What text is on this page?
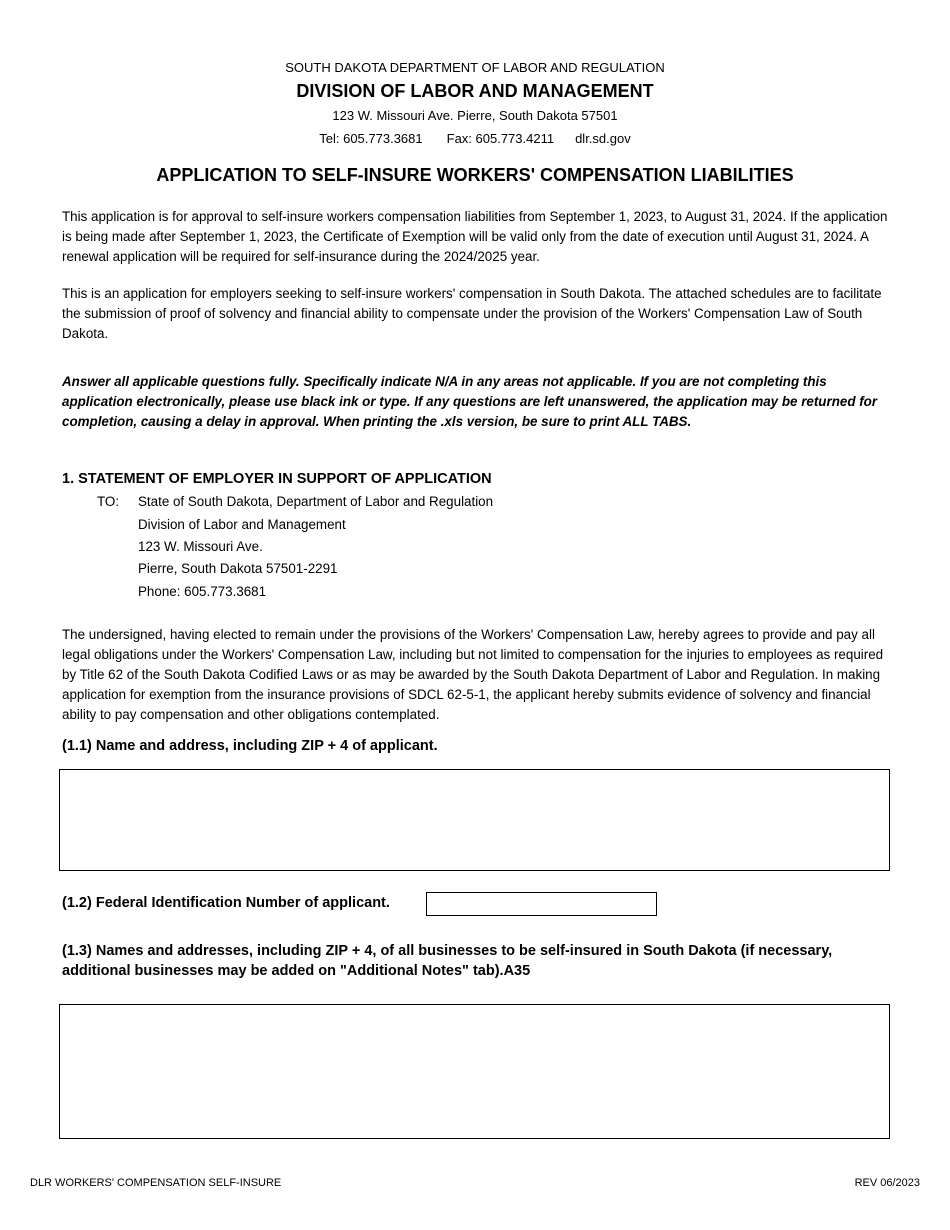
SOUTH DAKOTA DEPARTMENT OF LABOR AND REGULATION
DIVISION OF LABOR AND MANAGEMENT
123 W. Missouri Ave. Pierre, South Dakota 57501
Tel: 605.773.3681 Fax: 605.773.4211 dlr.sd.gov
APPLICATION TO SELF-INSURE WORKERS' COMPENSATION LIABILITIES
This application is for approval to self-insure workers compensation liabilities from September 1, 2023, to August 31, 2024. If the application is being made after September 1, 2023, the Certificate of Exemption will be valid only from the date of execution until August 31, 2024. A renewal application will be required for self-insurance during the 2024/2025 year.
This is an application for employers seeking to self-insure workers' compensation in South Dakota. The attached schedules are to facilitate the submission of proof of solvency and financial ability to compensate under the provision of the Workers' Compensation Law of South Dakota.
Answer all applicable questions fully. Specifically indicate N/A in any areas not applicable. If you are not completing this application electronically, please use black ink or type. If any questions are left unanswered, the application may be returned for completion, causing a delay in approval. When printing the .xls version, be sure to print ALL TABS.
1. STATEMENT OF EMPLOYER IN SUPPORT OF APPLICATION
TO: State of South Dakota, Department of Labor and Regulation
Division of Labor and Management
123 W. Missouri Ave.
Pierre, South Dakota 57501-2291
Phone: 605.773.3681
The undersigned, having elected to remain under the provisions of the Workers' Compensation Law, hereby agrees to provide and pay all legal obligations under the Workers' Compensation Law, including but not limited to compensation for the injuries to employees as required by Title 62 of the South Dakota Codified Laws or as may be awarded by the South Dakota Department of Labor and Regulation. In making application for exemption from the insurance provisions of SDCL 62-5-1, the applicant hereby submits evidence of solvency and financial ability to pay compensation and other obligations contemplated.
(1.1) Name and address, including ZIP + 4 of applicant.
(1.2) Federal Identification Number of applicant.
(1.3) Names and addresses, including ZIP + 4, of all businesses to be self-insured in South Dakota (if necessary, additional businesses may be added on "Additional Notes" tab).A35
DLR WORKERS' COMPENSATION SELF-INSURE	REV 06/2023
